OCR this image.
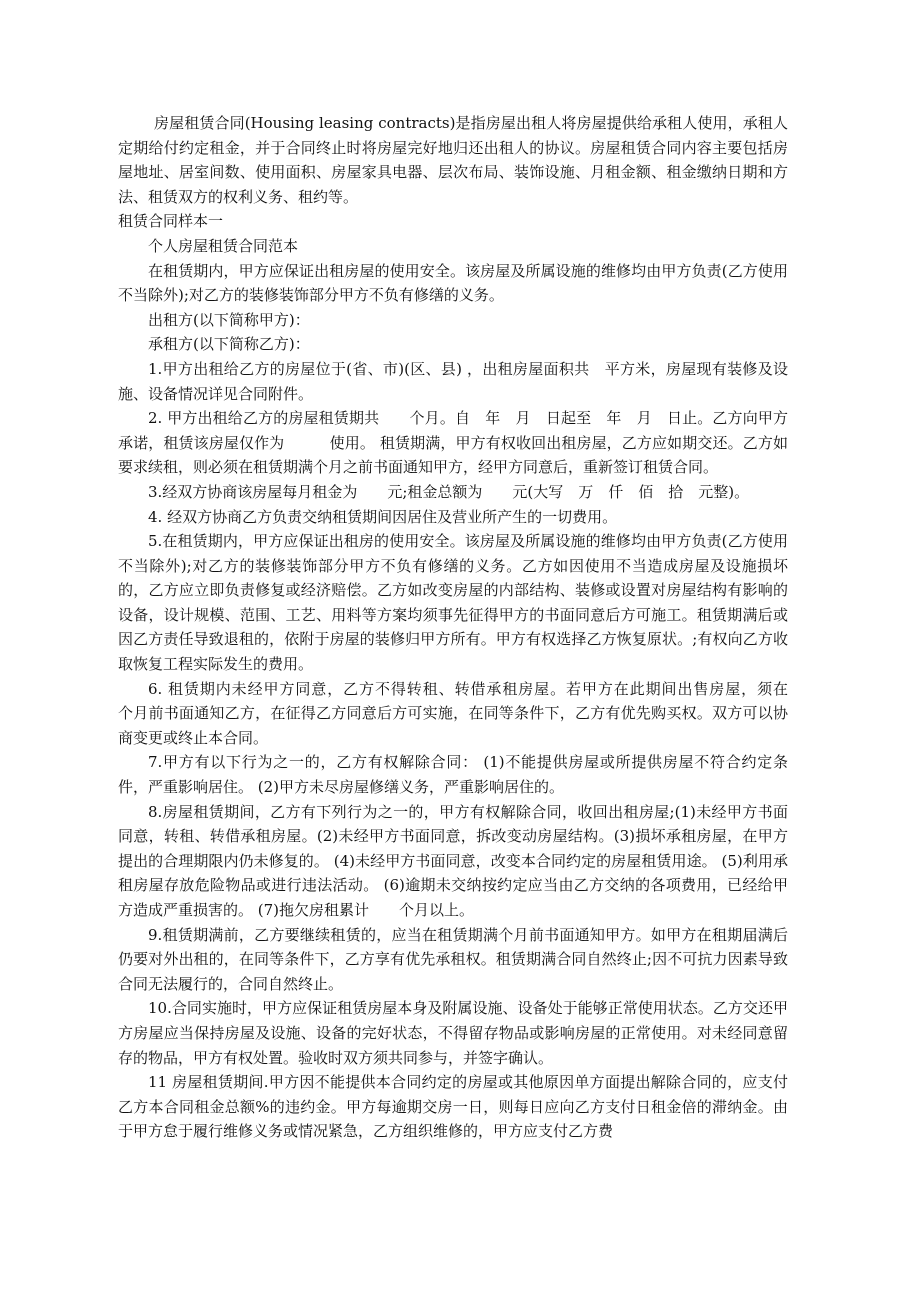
房屋租赁合同(Housing leasing contracts)是指房屋出租人将房屋提供给承租人使用，承租人定期给付约定租金，并于合同终止时将房屋完好地归还出租人的协议。房屋租赁合同内容主要包括房屋地址、居室间数、使用面积、房屋家具电器、层次布局、装饰设施、月租金额、租金缴纳日期和方法、租赁双方的权利义务、租约等。

租赁合同样本一

个人房屋租赁合同范本

在租赁期内，甲方应保证出租房屋的使用安全。该房屋及所属设施的维修均由甲方负责(乙方使用不当除外);对乙方的装修装饰部分甲方不负有修缮的义务。

出租方(以下简称甲方)：

承租方(以下简称乙方)：

1.甲方出租给乙方的房屋位于(省、市)(区、县) ，出租房屋面积共　平方米，房屋现有装修及设施、设备情况详见合同附件。

2. 甲方出租给乙方的房屋租赁期共　　个月。自　年　月　日起至　年　月　日止。乙方向甲方承诺，租赁该房屋仅作为　　　使用。 租赁期满，甲方有权收回出租房屋，乙方应如期交还。乙方如要求续租，则必须在租赁期满个月之前书面通知甲方，经甲方同意后，重新签订租赁合同。

3.经双方协商该房屋每月租金为　　元;租金总额为　　元(大写　万　仟　佰　拾　元整)。

4. 经双方协商乙方负责交纳租赁期间因居住及营业所产生的一切费用。

5.在租赁期内，甲方应保证出租房的使用安全。该房屋及所属设施的维修均由甲方负责(乙方使用不当除外);对乙方的装修装饰部分甲方不负有修缮的义务。乙方如因使用不当造成房屋及设施损坏的，乙方应立即负责修复或经济赔偿。乙方如改变房屋的内部结构、装修或设置对房屋结构有影响的设备，设计规模、范围、工艺、用料等方案均须事先征得甲方的书面同意后方可施工。租赁期满后或因乙方责任导致退租的，依附于房屋的装修归甲方所有。甲方有权选择乙方恢复原状。;有权向乙方收取恢复工程实际发生的费用。

6. 租赁期内未经甲方同意，乙方不得转租、转借承租房屋。若甲方在此期间出售房屋，须在　　个月前书面通知乙方，在征得乙方同意后方可实施，在同等条件下，乙方有优先购买权。双方可以协商变更或终止本合同。

7.甲方有以下行为之一的，乙方有权解除合同： (1)不能提供房屋或所提供房屋不符合约定条件，严重影响居住。 (2)甲方未尽房屋修缮义务，严重影响居住的。

8.房屋租赁期间，乙方有下列行为之一的，甲方有权解除合同，收回出租房屋;(1)未经甲方书面同意，转租、转借承租房屋。(2)未经甲方书面同意，拆改变动房屋结构。(3)损坏承租房屋，在甲方提出的合理期限内仍未修复的。 (4)未经甲方书面同意，改变本合同约定的房屋租赁用途。 (5)利用承租房屋存放危险物品或进行违法活动。 (6)逾期未交纳按约定应当由乙方交纳的各项费用，已经给甲方造成严重损害的。 (7)拖欠房租累计　　个月以上。

9.租赁期满前，乙方要继续租赁的，应当在租赁期满个月前书面通知甲方。如甲方在租期届满后仍要对外出租的，在同等条件下，乙方享有优先承租权。租赁期满合同自然终止;因不可抗力因素导致合同无法履行的，合同自然终止。

10.合同实施时，甲方应保证租赁房屋本身及附属设施、设备处于能够正常使用状态。乙方交还甲方房屋应当保持房屋及设施、设备的完好状态，不得留存物品或影响房屋的正常使用。对未经同意留存的物品，甲方有权处置。验收时双方须共同参与，并签字确认。

11 房屋租赁期间.甲方因不能提供本合同约定的房屋或其他原因单方面提出解除合同的，应支付乙方本合同租金总额%的违约金。甲方每逾期交房一日，则每日应向乙方支付日租金倍的滞纳金。由于甲方怠于履行维修义务或情况紧急，乙方组织维修的，甲方应支付乙方费
